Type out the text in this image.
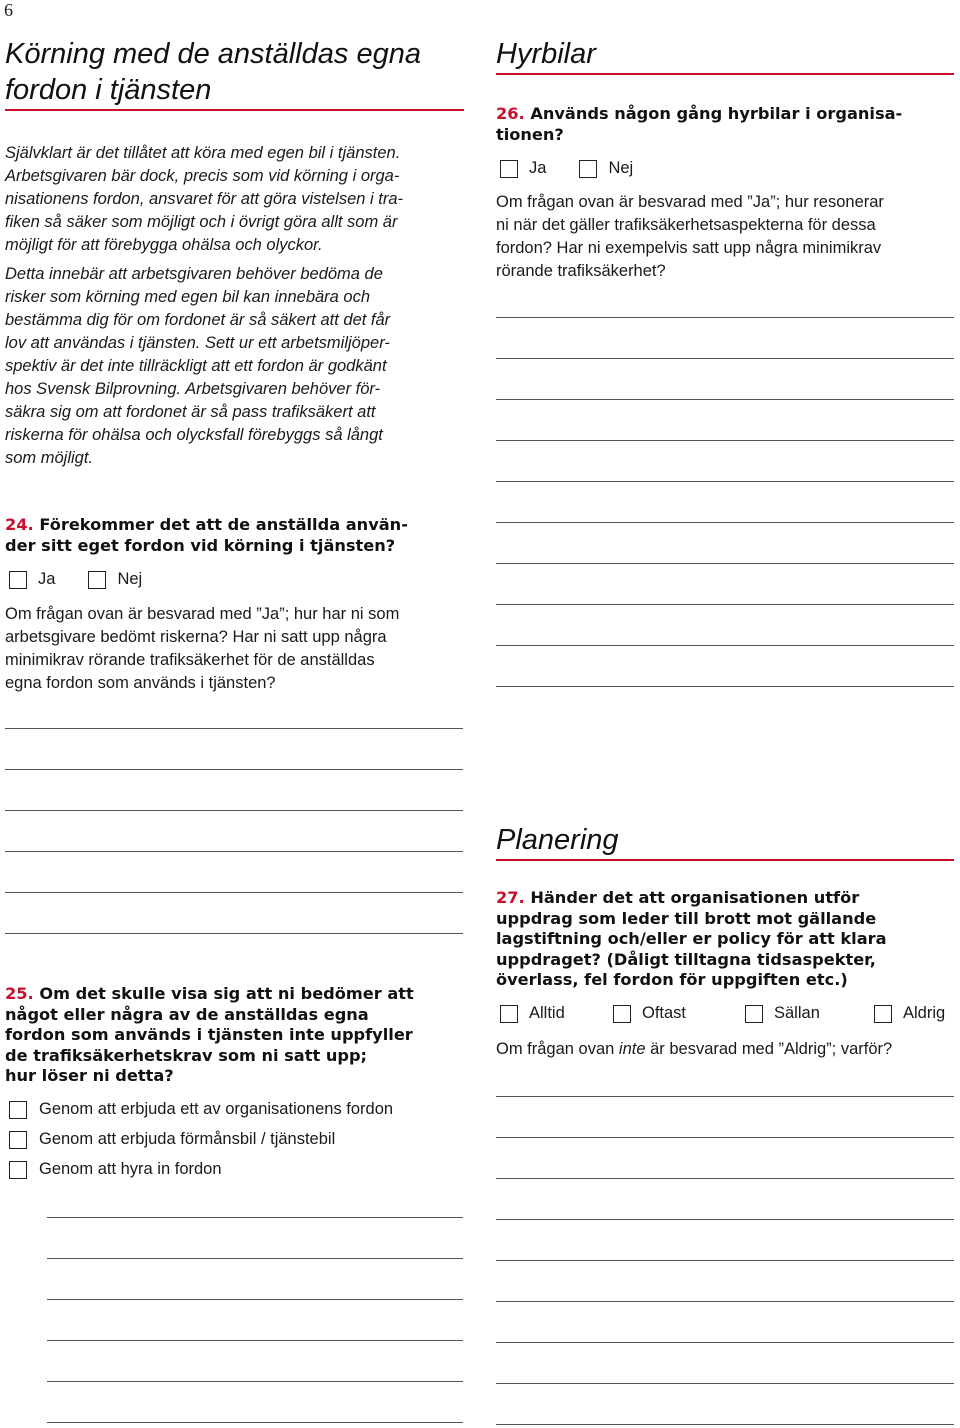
6
Körning med de anställdas egna
fordon i tjänsten
Självklart är det tillåtet att köra med egen bil i tjänsten.
Arbetsgivaren bär dock, precis som vid körning i orga-
nisationens fordon, ansvaret för att göra vistelsen i tra-
fiken så säker som möjligt och i övrigt göra allt som är
möjligt för att förebygga ohälsa och olyckor.
Detta innebär att arbetsgivaren behöver bedöma de
risker som körning med egen bil kan innebära och
bestämma dig för om fordonet är så säkert att det får
lov att användas i tjänsten. Sett ur ett arbetsmiljöper-
spektiv är det inte tillräckligt att ett fordon är godkänt
hos Svensk Bilprovning. Arbetsgivaren behöver för-
säkra sig om att fordonet är så pass trafiksäkert att
riskerna för ohälsa och olycksfall förebyggs så långt
som möjligt.
24. Förekommer det att de anställda använ-
der sitt eget fordon vid körning i tjänsten?
Ja	Nej
Om frågan ovan är besvarad med ”Ja”; hur har ni som
arbetsgivare bedömt riskerna? Har ni satt upp några
minimikrav rörande trafiksäkerhet för de anställdas
egna fordon som används i tjänsten?
25. Om det skulle visa sig att ni bedömer att
något eller några av de anställdas egna
fordon som används i tjänsten inte uppfyller
de trafiksäkerhetskrav som ni satt upp;
hur löser ni detta?
Genom att erbjuda ett av organisationens fordon
Genom att erbjuda förmånsbil / tjänstebil
Genom att hyra in fordon
Hyrbilar
26. Används någon gång hyrbilar i organisa-
tionen?
Ja	Nej
Om frågan ovan är besvarad med ”Ja”; hur resonerar
ni när det gäller trafiksäkerhetsaspekterna för dessa
fordon? Har ni exempelvis satt upp några minimikrav
rörande trafiksäkerhet?
Planering
27. Händer det att organisationen utför
uppdrag som leder till brott mot gällande
lagstiftning och/eller er policy för att klara
uppdraget? (Dåligt tilltagna tidsaspekter,
överlass, fel fordon för uppgiften etc.)
Alltid	Oftast	Sällan	Aldrig
Om frågan ovan inte är besvarad med ”Aldrig”; varför?
